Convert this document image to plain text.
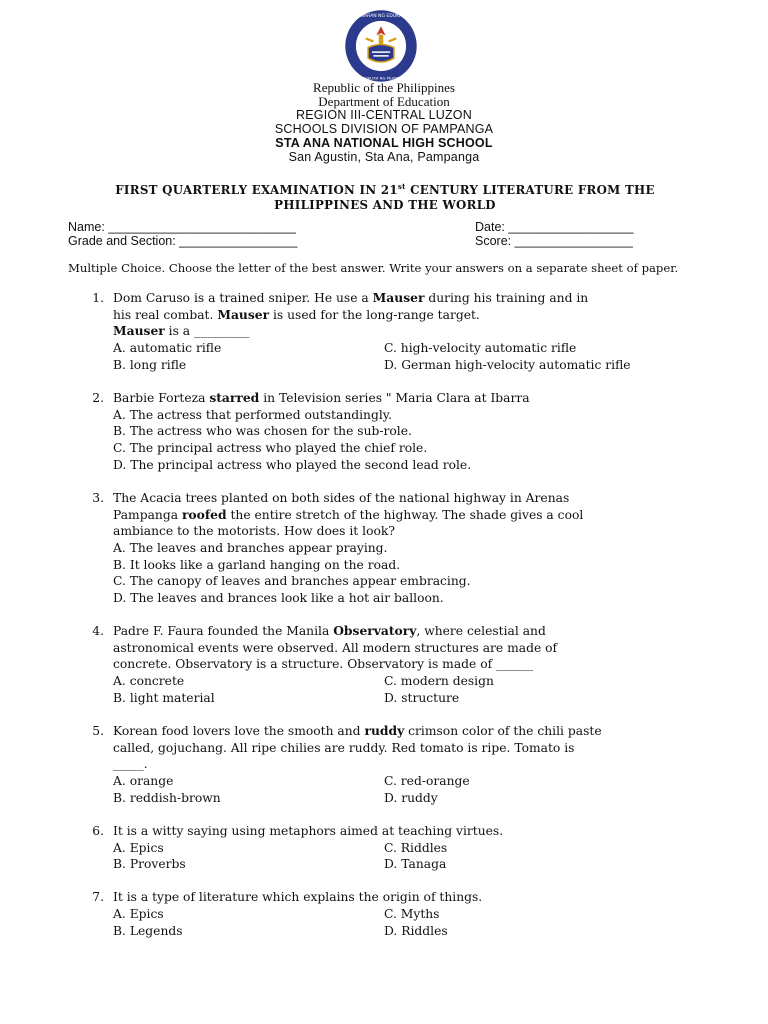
KAGAWARAN NG EDUKASYON
REPUBLIKA NG PILIPINAS
Republic of the Philippines
Department of Education
REGION III-CENTRAL LUZON
SCHOOLS DIVISION OF PAMPANGA
STA ANA NATIONAL HIGH SCHOOL
San Agustin, Sta Ana, Pampanga
FIRST QUARTERLY EXAMINATION IN 21st CENTURY LITERATURE FROM THE
PHILIPPINES AND THE WORLD
Name: ___________________________	Date: __________________
Grade and Section: _________________	Score: _________________
Multiple Choice. Choose the letter of the best answer. Write your answers on a separate sheet of paper.
1. Dom Caruso is a trained sniper. He use a Mauser during his training and in
his real combat. Mauser is used for the long-range target.
Mauser is a _________
A. automatic rifle	C. high-velocity automatic rifle
B. long rifle	D. German high-velocity automatic rifle
2. Barbie Forteza starred in Television series " Maria Clara at Ibarra
A. The actress that performed outstandingly.
B. The actress who was chosen for the sub-role.
C. The principal actress who played the chief role.
D. The principal actress who played the second lead role.
3. The Acacia trees planted on both sides of the national highway in Arenas
Pampanga roofed the entire stretch of the highway. The shade gives a cool
ambiance to the motorists. How does it look?
A. The leaves and branches appear praying.
B. It looks like a garland hanging on the road.
C. The canopy of leaves and branches appear embracing.
D. The leaves and brances look like a hot air balloon.
4. Padre F. Faura founded the Manila Observatory, where celestial and
astronomical events were observed. All modern structures are made of
concrete. Observatory is a structure. Observatory is made of ______
A. concrete	C. modern design
B. light material	D. structure
5. Korean food lovers love the smooth and ruddy crimson color of the chili paste
called, gojuchang. All ripe chilies are ruddy. Red tomato is ripe. Tomato is
_____.
A. orange	C. red-orange
B. reddish-brown	D. ruddy
6. It is a witty saying using metaphors aimed at teaching virtues.
A. Epics	C. Riddles
B. Proverbs	D. Tanaga
7. It is a type of literature which explains the origin of things.
A. Epics	C. Myths
B. Legends	D. Riddles
